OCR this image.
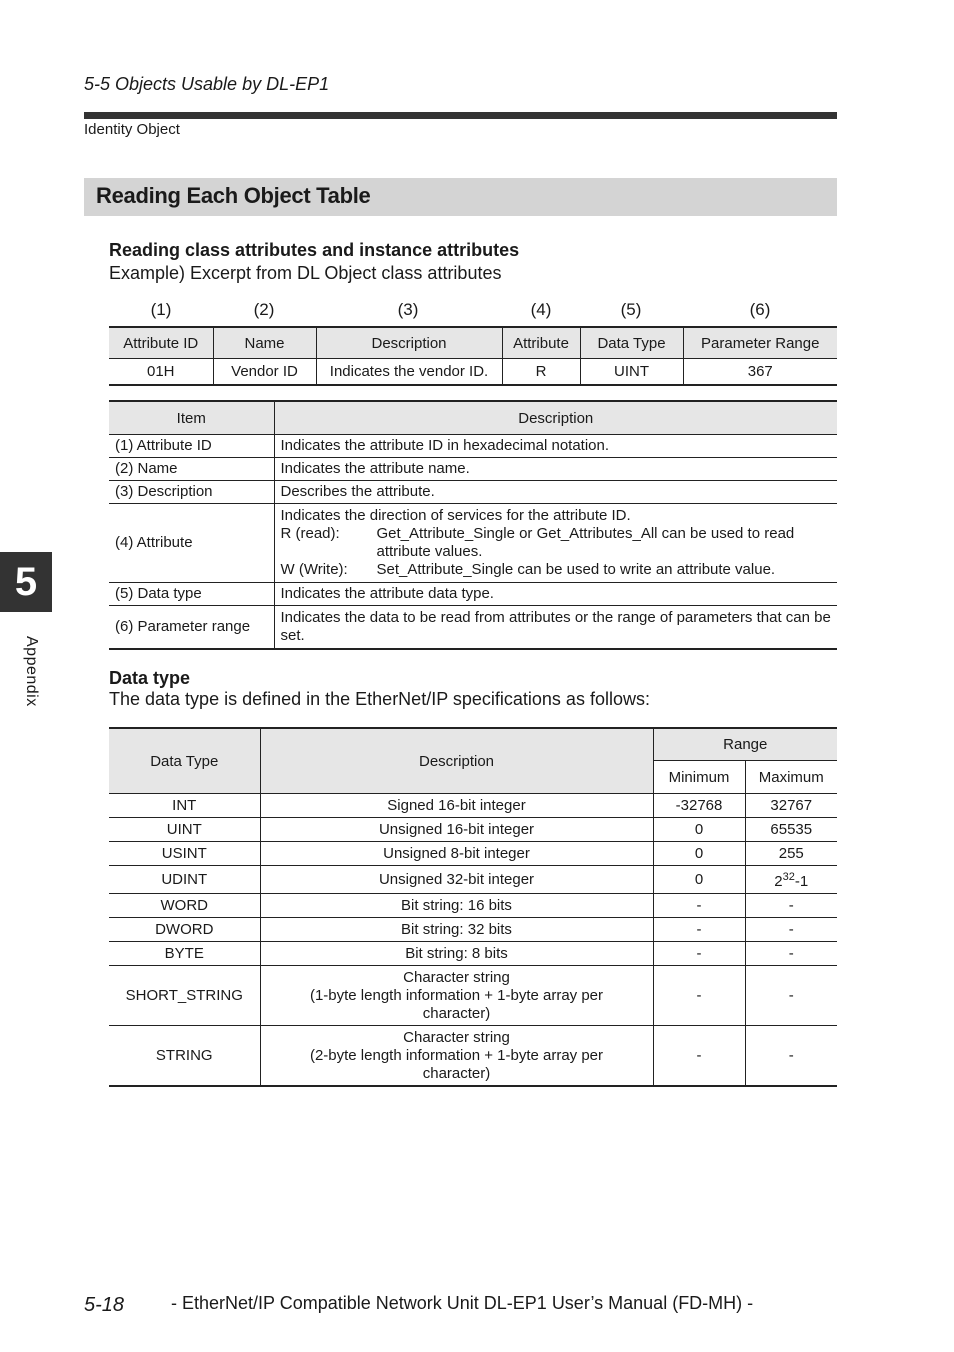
5-5 Objects Usable by DL-EP1
Identity Object
Reading Each Object Table
Reading class attributes and instance attributes
Example) Excerpt from DL Object class attributes
(1)	(2)	(3)	(4)	(5)	(6)
Attribute ID	Name	Description	Attribute	Data Type	Parameter Range
01H	Vendor ID	Indicates the vendor ID.	R	UINT	367
Item	Description
(1) Attribute ID	Indicates the attribute ID in hexadecimal notation.
(2) Name	Indicates the attribute name.
(3) Description	Describes the attribute.
(4) Attribute	Indicates the direction of services for the attribute ID.
R (read): Get_Attribute_Single or Get_Attributes_All can be used to read attribute values.
W (Write): Set_Attribute_Single can be used to write an attribute value.

(5) Data type	Indicates the attribute data type.
(6) Parameter range	Indicates the data to be read from attributes or the range of parameters that can be set.
Data type
The data type is defined in the EtherNet/IP specifications as follows:
Data Type	Description	Range	
		Minimum	Maximum
INT	Signed 16-bit integer	-32768	32767
UINT	Unsigned 16-bit integer	0	65535
USINT	Unsigned 8-bit integer	0	255
UDINT	Unsigned 32-bit integer	0	$2^{32}-1$
WORD	Bit string: 16 bits	-	-
DWORD	Bit string: 32 bits	-	-
BYTE	Bit string: 8 bits	-	-
SHORT_STRING	Character string
(1-byte length information + 1-byte array per
character)	-	-
STRING	Character string
(2-byte length information + 1-byte array per
character)	-	-
5
Appendix
5-18	- EtherNet/IP Compatible Network Unit DL-EP1 User’s Manual (FD-MH) -
